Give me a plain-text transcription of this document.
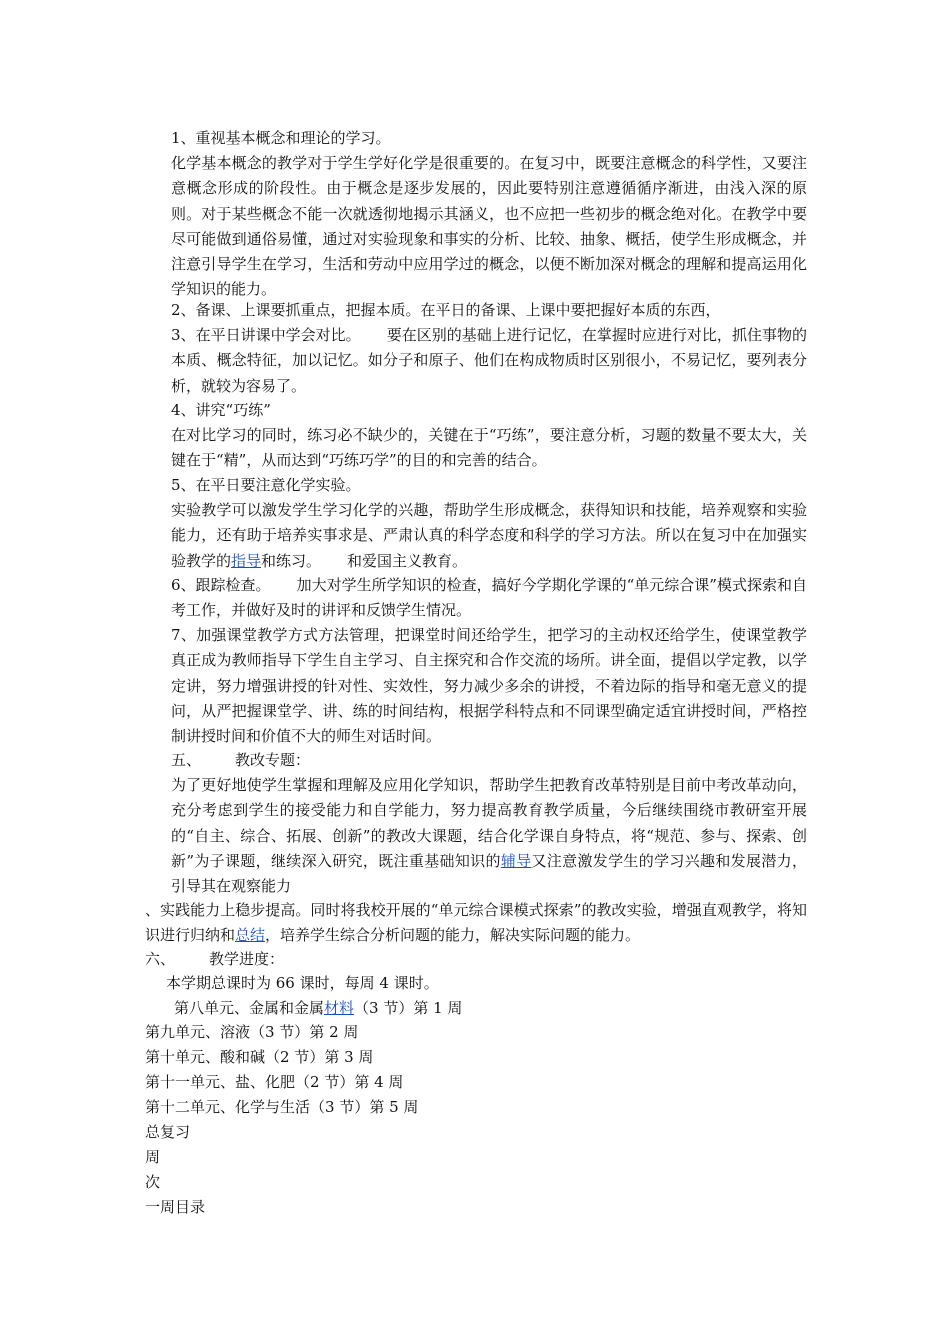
1、重视基本概念和理论的学习。

化学基本概念的教学对于学生学好化学是很重要的。在复习中，既要注意概念的科学性，又要注意概念形成的阶段性。由于概念是逐步发展的，因此要特别注意遵循循序渐进，由浅入深的原则。对于某些概念不能一次就透彻地揭示其涵义，也不应把一些初步的概念绝对化。在教学中要尽可能做到通俗易懂，通过对实验现象和事实的分析、比较、抽象、概括，使学生形成概念，并注意引导学生在学习，生活和劳动中应用学过的概念，以便不断加深对概念的理解和提高运用化学知识的能力。

2、备课、上课要抓重点，把握本质。在平日的备课、上课中要把握好本质的东西，

3、在平日讲课中学会对比。 要在区别的基础上进行记忆，在掌握时应进行对比，抓住事物的本质、概念特征，加以记忆。如分子和原子、他们在构成物质时区别很小，不易记忆，要列表分析，就较为容易了。

4、讲究“巧练”

在对比学习的同时，练习必不缺少的，关键在于“巧练”，要注意分析，习题的数量不要太大，关键在于“精”，从而达到“巧练巧学”的目的和完善的结合。

5、在平日要注意化学实验。

实验教学可以激发学生学习化学的兴趣，帮助学生形成概念，获得知识和技能，培养观察和实验能力，还有助于培养实事求是、严肃认真的科学态度和科学的学习方法。所以在复习中在加强实验教学的指导和练习。 和爱国主义教育。

6、跟踪检查。 加大对学生所学知识的检查，搞好今学期化学课的“单元综合课”模式探索和自考工作，并做好及时的讲评和反馈学生情况。

7、加强课堂教学方式方法管理，把课堂时间还给学生，把学习的主动权还给学生，使课堂教学真正成为教师指导下学生自主学习、自主探究和合作交流的场所。讲全面，提倡以学定教，以学定讲，努力增强讲授的针对性、实效性，努力减少多余的讲授，不着边际的指导和毫无意义的提问，从严把握课堂学、讲、练的时间结构，根据学科特点和不同课型确定适宜讲授时间，严格控制讲授时间和价值不大的师生对话时间。

五、 教改专题：

为了更好地使学生掌握和理解及应用化学知识，帮助学生把教育改革特别是目前中考改革动向，充分考虑到学生的接受能力和自学能力，努力提高教育教学质量，今后继续围绕市教研室开展的“自主、综合、拓展、创新”的教改大课题，结合化学课自身特点，将“规范、参与、探索、创新”为子课题，继续深入研究，既注重基础知识的辅导又注意激发学生的学习兴趣和发展潜力，引导其在观察能力

、实践能力上稳步提高。同时将我校开展的“单元综合课模式探索”的教改实验，增强直观教学，将知识进行归纳和总结，培养学生综合分析问题的能力，解决实际问题的能力。

六、 教学进度：

本学期总课时为 66 课时，每周 4 课时。

第八单元、金属和金属材料（3 节）第 1 周

第九单元、溶液（3 节）第 2 周

第十单元、酸和碱（2 节）第 3 周

第十一单元、盐、化肥（2 节）第 4 周

第十二单元、化学与生活（3 节）第 5 周

总复习

周

次

一周目录
